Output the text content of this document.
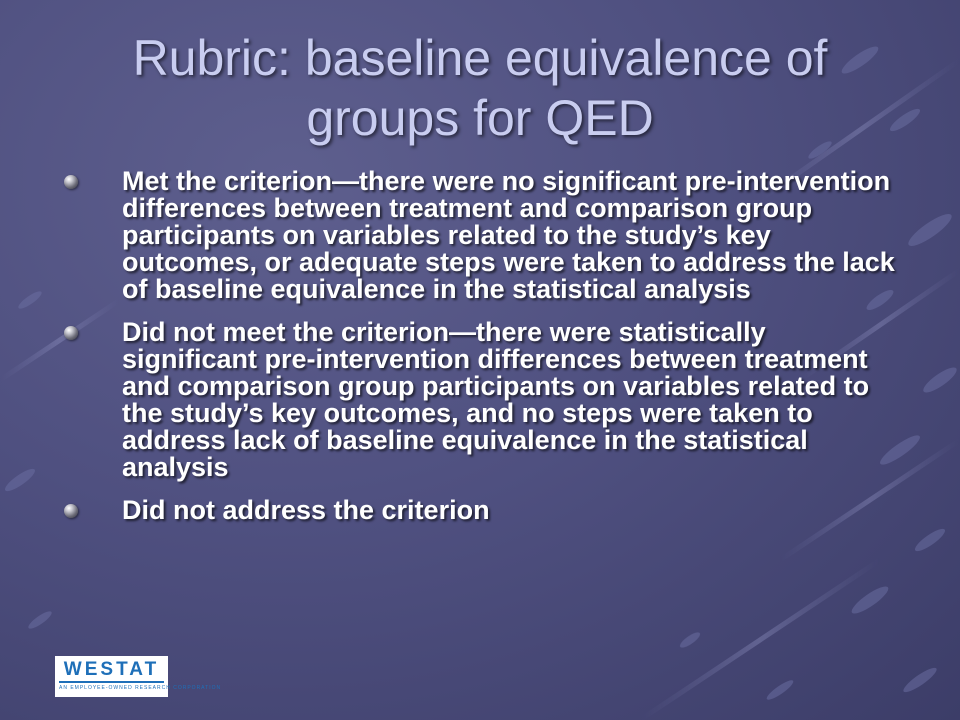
Rubric: baseline equivalence of
groups for QED
Met the criterion—there were no significant pre-intervention differences between treatment and comparison group participants on variables related to the study’s key outcomes, or adequate steps were taken to address the lack of baseline equivalence in the statistical analysis
Did not meet the criterion—there were statistically significant pre-intervention differences between treatment and comparison group participants on variables related to the study’s key outcomes, and no steps were taken to address lack of baseline equivalence in the statistical analysis
Did not address the criterion
WESTAT
AN EMPLOYEE-OWNED RESEARCH CORPORATION
